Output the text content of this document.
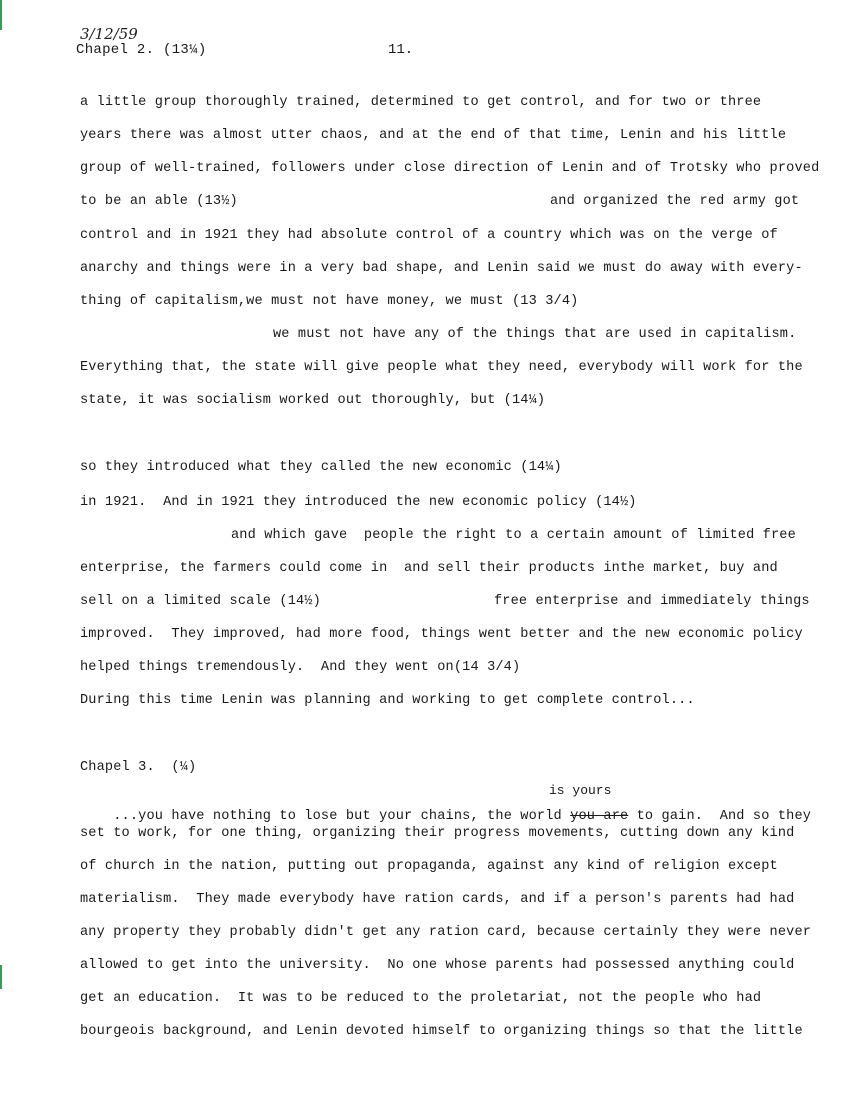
3/12/59
Chapel 2. (13¼)	11.
a little group thoroughly trained, determined to get control, and for two or three
years there was almost utter chaos, and at the end of that time, Lenin and his little
group of well-trained, followers under close direction of Lenin and of Trotsky who proved
to be an able (13½)	and organized the red army got
control and in 1921 they had absolute control of a country which was on the verge of
anarchy and things were in a very bad shape, and Lenin said we must do away with every-
thing of capitalism,we must not have money, we must (13 3/4)
we must not have any of the things that are used in capitalism.
Everything that, the state will give people what they need, everybody will work for the
state, it was socialism worked out thoroughly, but (14¼)
so they introduced what they called the new economic (14¼)
in 1921.  And in 1921 they introduced the new economic policy (14½)
and which gave  people the right to a certain amount of limited free
enterprise, the farmers could come in  and sell their products inthe market, buy and
sell on a limited scale (14½)	free enterprise and immediately things
improved.  They improved, had more food, things went better and the new economic policy
helped things tremendously.  And they went on(14 3/4)
During this time Lenin was planning and working to get complete control...
Chapel 3.  (¼)
is yours

...you have nothing to lose but your chains, the world you are to gain.  And so they

set to work, for one thing, organizing their progress movements, cutting down any kind
of church in the nation, putting out propaganda, against any kind of religion except
materialism.  They made everybody have ration cards, and if a person's parents had had
any property they probably didn't get any ration card, because certainly they were never
allowed to get into the university.  No one whose parents had possessed anything could
get an education.  It was to be reduced to the proletariat, not the people who had
bourgeois background, and Lenin devoted himself to organizing things so that the little
